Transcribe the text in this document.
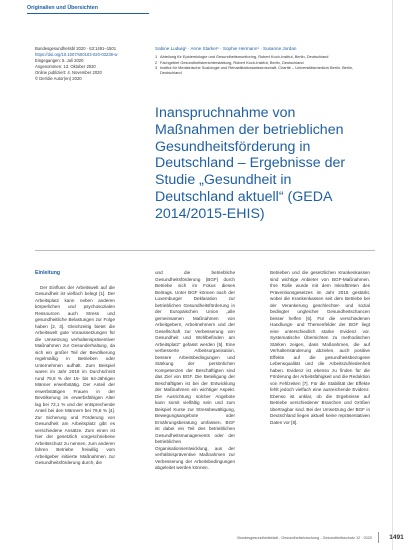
Originalien und Übersichten
Bundesgesundheitsbl 2020 · 63:1491–1501
https://doi.org/10.1007/s00103-020-03239-w
Eingegangen: 5. Juli 2020
Angenommen: 13. Oktober 2020
Online publiziert: 4. November 2020
© Der/die Autor(en) 2020
Sabine Ludwig¹ · Anne Starker¹ · Sophie Hermann¹ · Susanne Jordan
1 Abteilung für Epidemiologie und Gesundheitsmonitoring, Robert Koch-Institut, Berlin, Deutschland
2 Fachgebiet Gesundheitsberichterstattung, Robert Koch-Institut, Berlin, Deutschland
3 Institut für Medizinische Soziologie und Rehabilitationswissenschaft, Charité – Universitätsmedizin Berlin, Berlin, Deutschland
Inanspruchnahme von Maßnahmen der betrieblichen Gesundheitsförderung in Deutschland – Ergebnisse der Studie „Gesundheit in Deutschland aktuell“ (GEDA 2014/2015-EHIS)
Einleitung

Der Einfluss der Arbeitswelt auf die Gesundheit ist vielfach belegt [1]. Der Arbeitsplatz kann neben anderen körperlichen und psychosozialen Ressourcen auch Stress und gesundheitliche Belastungen zur Folge haben [2, 3]. Gleichzeitig bietet die Arbeitswelt gute Voraussetzungen für die Umsetzung verhaltenspräventiver Maßnahmen zur Gesunderhaltung, da sich ein großer Teil der Bevölkerung regelmäßig in Betrieben oder Unternehmen aufhält. Zum Beispiel waren im Jahr 2018 im Durchschnitt rund 79,8 % der 15- bis 64-Jährigen Männer erwerbstätig. Der Anteil der erwerbstätigen Frauen in der Bevölkerung im erwerbsfähigen Alter lag bei 72,1 % und der entsprechende Anteil bei den Männern bei 79,8 % [4]. Zur Sicherung und Förderung von Gesundheit am Arbeitsplatz gibt es verschiedene Ansätze. Zum einen ist hier der gesetzlich vorgeschriebene Arbeitsschutz zu nennen, zum anderen fahren Betriebe freiwillig vom Arbeitgeber initiierte Maßnahmen zur Gesundheitsförderung durch, die

und die betriebliche Gesundheitsförderung (BGF) durch Betriebe sich im Fokus dieses Beitrags. Unter BGF können nach der Luxemburger Deklaration zur betrieblichen Gesundheitsförderung in der Europäischen Union „alle gemeinsamen Maßnahmen von Arbeitgebern, Arbeitnehmern und der Gesellschaft zur Verbesserung von Gesundheit und Wohlbefinden am Arbeitsplatz“ gefasst werden [5]. Eine verbesserte Arbeitsorganisation, bessere Arbeitsbedingungen und Stärkung der persönlichen Kompetenzen der Beschäftigten sind das Ziel von BGF. Die Beteiligung der Beschäftigten ist bei der Entwicklung der Maßnahmen ein wichtiger Aspekt. Die Ausrichtung solcher Angebote kann somit vielfältig sein und zum Beispiel Kurse zur Stressbewältigung, Bewegungsangebote oder Ernährungsberatung umfassen. BGF ist dabei ein Teil des betrieblichen Gesundheitsmanagements oder der betrieblichen Organisationsentwicklung, aus der verhältnispräventive Maßnahmen zur Verbesserung der Arbeitsbedingungen abgeleitet werden können.

Betrieben und die gesetzlichen Krankenkassen sind wichtige Anbieter von BGF-Maßnahmen. Ihre Rolle wurde mit dem Inkrafttreten des Präventionsgesetzes im Jahr 2015 gestärkt, wobei die Krankenkassen seit dem Betriebe bei der Verankerung geschlechter- und sozial bedingter ungleicher Gesundheitschancen besser helfen [6]. Für die verschiedenen Handlungs- und Themenfelder der BGF liegt eine unterschiedlich starke Evidenz vor. Systematische Übersichten zu methodischen Stärken zeigen, dass Maßnahmen, die auf Verhaltensänderung abzielen, auch positive Effekte auf die gesundheitsbezogene Lebensqualität und die Arbeitszufriedenheit haben. Evidenz ist ebenso zu finden für die Förderung der Arbeitsfähigkeit und die Reduktion von Fehlzeiten [7]. Für die Stabilität der Effekte fehlt jedoch vielfach eine ausreichende Evidenz. Ebenso ist unklar, ob die Ergebnisse auf Betriebe verschiedener Branchen und Größen übertragbar sind. Bei der Umsetzung der BGF in Deutschland liegen aktuell keine repräsentativen Daten vor [8].

Bundesgesundheitsblatt - Gesundheitsforschung - Gesundheitsschutz 12 · 2020	1491
